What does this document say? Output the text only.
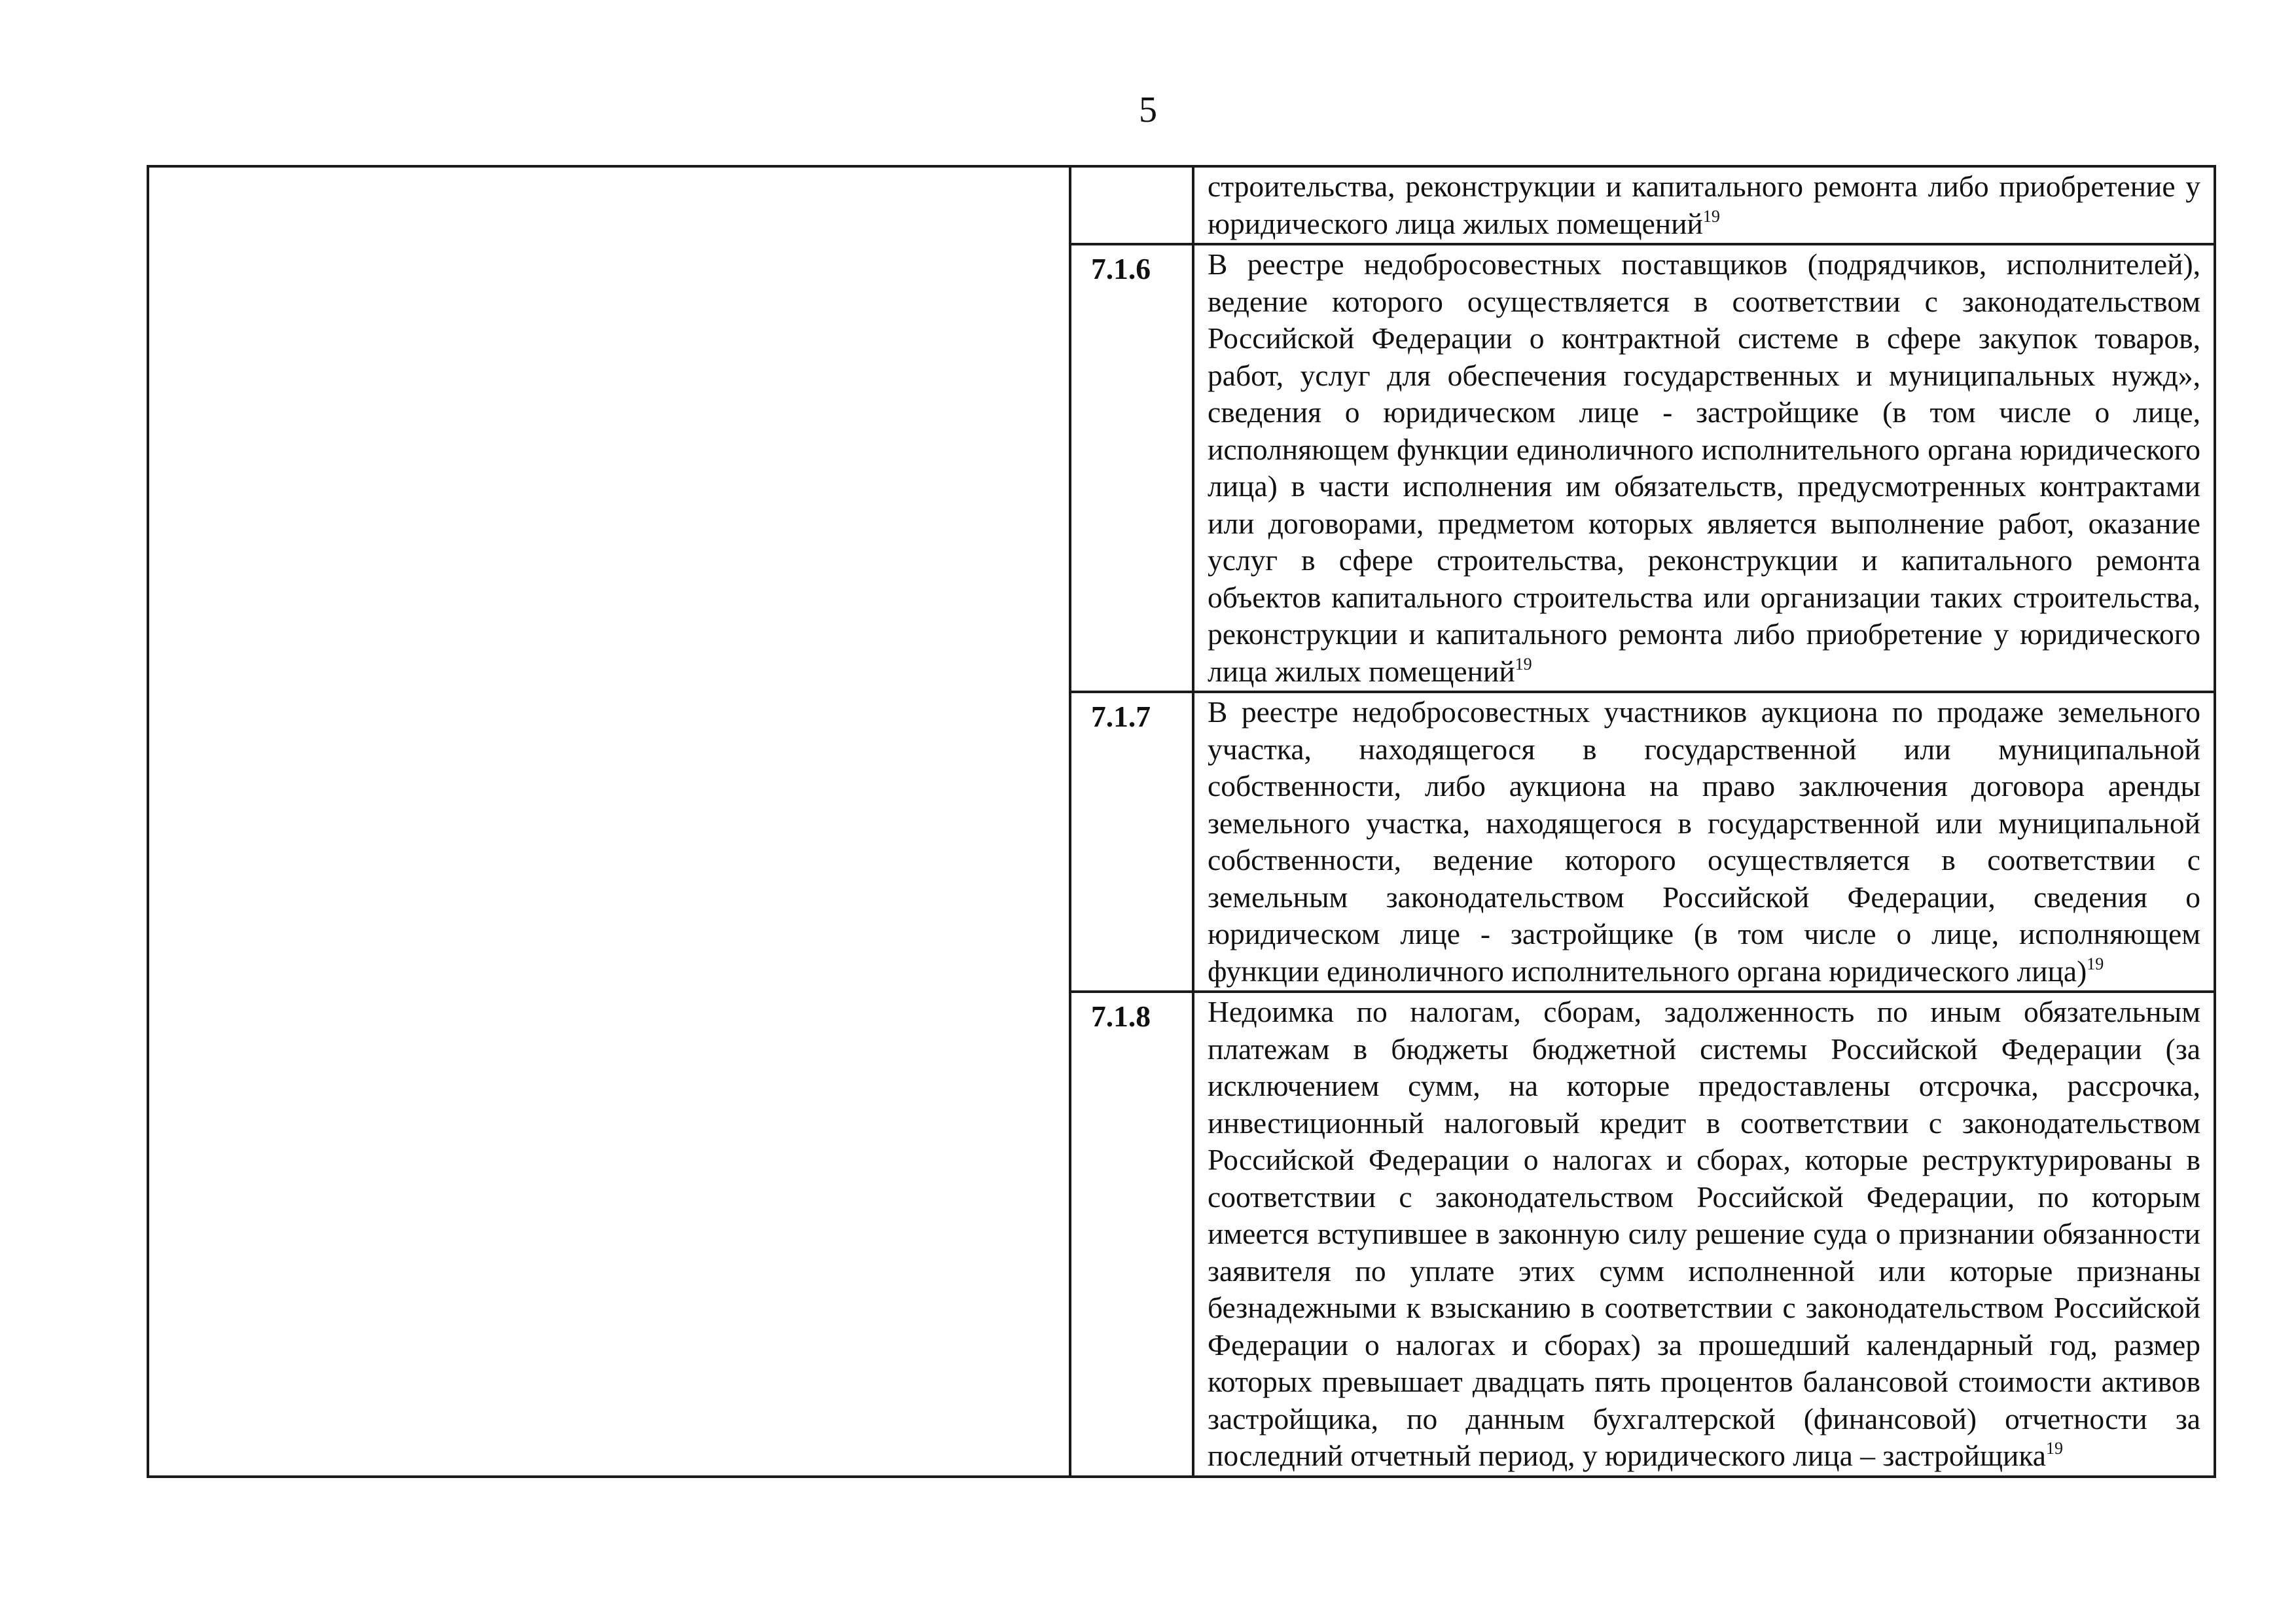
5
		строительства, реконструкции и капитального ремонта либо приобретение у юридического лица жилых помещений$^{19}$
	7.1.6	В реестре недобросовестных поставщиков (подрядчиков, исполнителей), ведение которого осуществляется в соответствии с законодательством Российской Федерации о контрактной системе в сфере закупок товаров, работ, услуг для обеспечения государственных и муниципальных нужд», сведения о юридическом лице - застройщике (в том числе о лице, исполняющем функции единоличного исполнительного органа юридического лица) в части исполнения им обязательств, предусмотренных контрактами или договорами, предметом которых является выполнение работ, оказание услуг в сфере строительства, реконструкции и капитального ремонта объектов капитального строительства или организации таких строительства, реконструкции и капитального ремонта либо приобретение у юридического лица жилых помещений$^{19}$
	7.1.7	В реестре недобросовестных участников аукциона по продаже земельного участка, находящегося в государственной или муниципальной собственности, либо аукциона на право заключения договора аренды земельного участка, находящегося в государственной или муниципальной собственности, ведение которого осуществляется в соответствии с земельным законодательством Российской Федерации, сведения о юридическом лице - застройщике (в том числе о лице, исполняющем функции единоличного исполнительного органа юридического лица)$^{19}$
	7.1.8	Недоимка по налогам, сборам, задолженность по иным обязательным платежам в бюджеты бюджетной системы Российской Федерации (за исключением сумм, на которые предоставлены отсрочка, рассрочка, инвестиционный налоговый кредит в соответствии с законодательством Российской Федерации о налогах и сборах, которые реструктурированы в соответствии с законодательством Российской Федерации, по которым имеется вступившее в законную силу решение суда о признании обязанности заявителя по уплате этих сумм исполненной или которые признаны безнадежными к взысканию в соответствии с законодательством Российской Федерации о налогах и сборах) за прошедший календарный год, размер которых превышает двадцать пять процентов балансовой стоимости активов застройщика, по данным бухгалтерской (финансовой) отчетности за последний отчетный период, у юридического лица – застройщика$^{19}$
